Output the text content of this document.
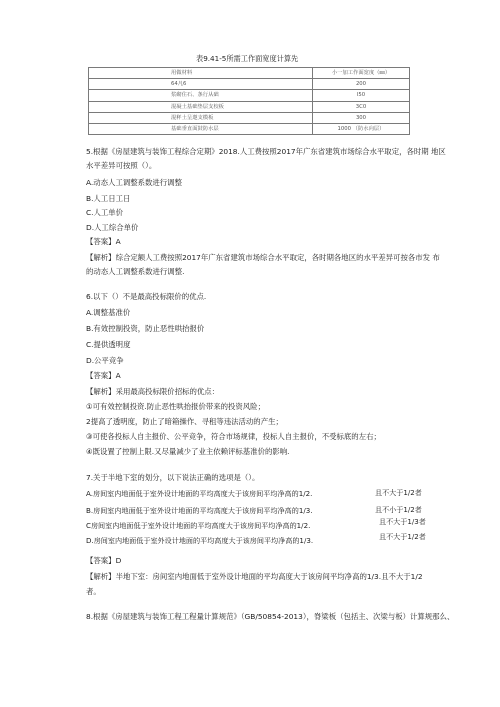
表9.41-5所需工作面宽度计算先
用做材料	小一加工作面宽度（㎜）
64凡6	200
浆砌住石、条行从础	I50
混凝土基础垫层支校板	3C0
混秤土呈遨支模板	300
基础垂直面鼓防水层	1000 （防水向层）
5.根据《房屋建筑与装饰工程综合定期》2018.人工费按照2017年广东省建筑市场综合水平取定，各时期 地区
水平差异可按照（）。
A.动态人工调整系数进行调整
B.人工日工日
C.人工单价
D.人工综合单价
【答案】A
【解析】综合定额人工费按照2017年广东省建筑市场综合水平取定，各时期各地区的水平差异可按各市发 布
的动态人工调整系数进行调整.
6.以下（）不是最高投标限价的优点.
A.调整基准价
B.有效控制投资，防止恶性哄抬报价
C.提供透明度
D.公平竞争
【答案】A
【解析】采用最高投标限价招标的优点：
①可有效控制投资.防止恶性哄抬报价带来的投资风险；
2提高了透明度，防止了暗箱操作、寻租等违法活动的产生；
③可使各投标人自主报价、公平竞争，符合市场规律，投标人自主报价，不受标底的左右；
④既设置了控制上限.又尽量减少了业主依赖评标基准价的影响.
7.关于半地下室的划分，以下说法正确的选项是（）。
A.房间室内地面低于室外设计地面的平均高度大于该房间平均净高的1/2.	且不大于1/2者
B.房间室内地面低于室外设计地面的平均高度大于该房间平均净高的1/3.	且不小于1/2者
C房间室内地面低于室外设计地面的平均高度大于该房间平均净高的1/2.	且不大于1/3者
D.房间室内地面低于室外设计地面的平均高度大于该房间平均净高的1/3.	且不大于1/2者
【答案】D
【解析】半地下室：房间室内地面低于室外设计地面的平均高度大于该房间平均净高的1/3.且不大于1/2
者。
8.根据《房屋建筑与装饰工程工程量计算规范》（GB/50854-2013），脊梁板（包括主、次梁与板）计算规那么、
